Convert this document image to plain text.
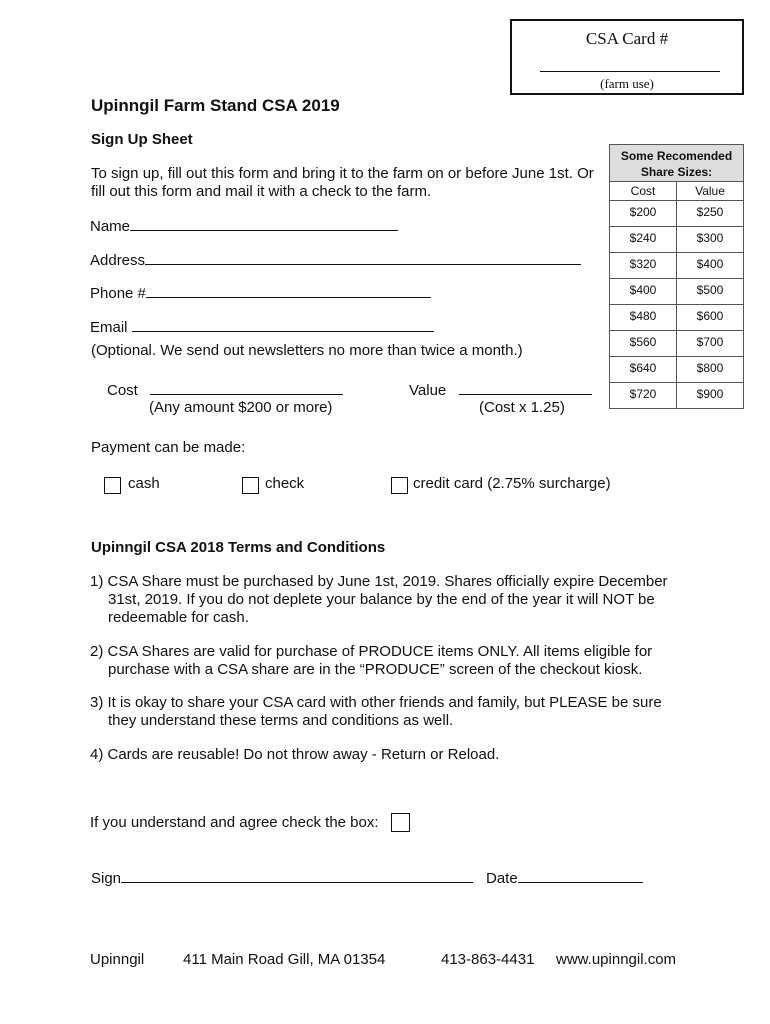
CSA Card #
(farm use)
Upinngil Farm Stand CSA 2019
Sign Up Sheet
To sign up, fill out this form and bring it to the farm on or before June 1st. Or
fill out this form and mail it with a check to the farm.
Name
Address
Phone #
Email
(Optional. We send out newsletters no more than twice a month.)
Cost
(Any amount $200 or more)
Value
(Cost x 1.25)
Payment can be made:
cash	check	credit card (2.75% surcharge)
Some Recomended
Share Sizes:
Cost	Value
$200	$250
$240	$300
$320	$400
$400	$500
$480	$600
$560	$700
$640	$800
$720	$900
Upinngil CSA 2018 Terms and Conditions
1) CSA Share must be purchased by June 1st, 2019. Shares officially expire December
31st, 2019. If you do not deplete your balance by the end of the year it will NOT be
redeemable for cash.
2) CSA Shares are valid for purchase of PRODUCE items ONLY. All items eligible for
purchase with a CSA share are in the “PRODUCE” screen of the checkout kiosk.
3) It is okay to share your CSA card with other friends and family, but PLEASE be sure
they understand these terms and conditions as well.
4) Cards are reusable! Do not throw away - Return or Reload.
If you understand and agree check the box:
Sign	Date
Upinngil	411 Main Road Gill, MA 01354	413-863-4431 www.upinngil.com
